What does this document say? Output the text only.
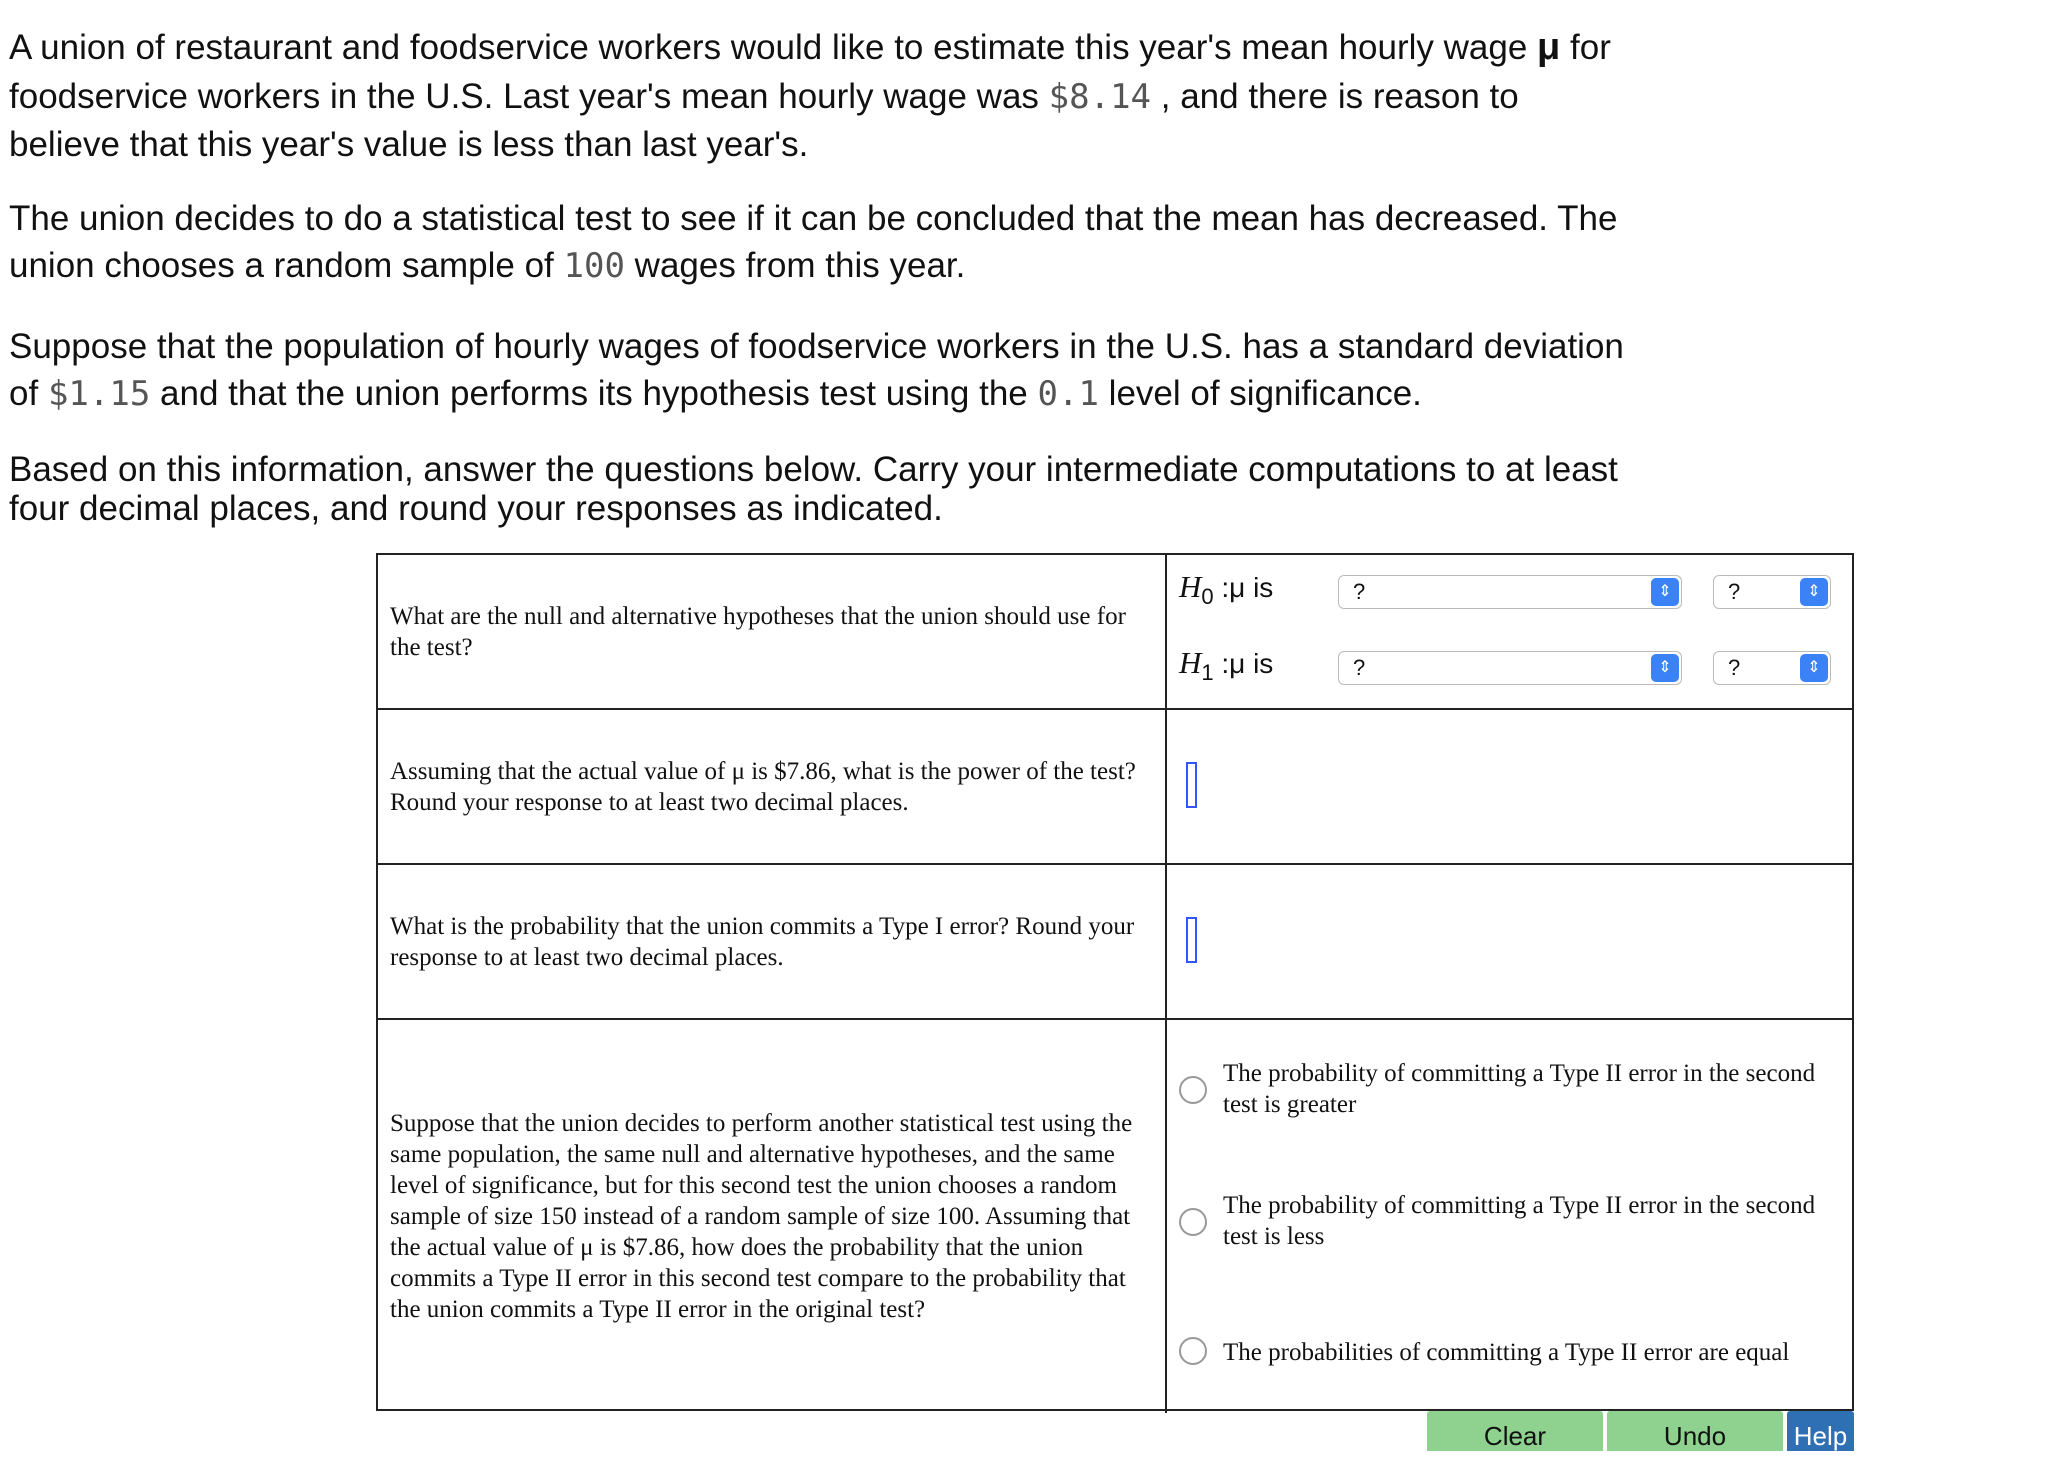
A union of restaurant and foodservice workers would like to estimate this year's mean hourly wage μ for foodservice workers in the U.S. Last year's mean hourly wage was $8.14 , and there is reason to believe that this year's value is less than last year's.
The union decides to do a statistical test to see if it can be concluded that the mean has decreased. The union chooses a random sample of 100 wages from this year.
Suppose that the population of hourly wages of foodservice workers in the U.S. has a standard deviation of $1.15 and that the union performs its hypothesis test using the 0.1 level of significance.
Based on this information, answer the questions below. Carry your intermediate computations to at least four decimal places, and round your responses as indicated.
What are the null and alternative hypotheses that the union should use for the test?
$H_0$ :μ is	?	⇕	?	⇕
$H_1$ :μ is	?	⇕	?	⇕
Assuming that the actual value of μ is $7.86, what is the power of the test? Round your response to at least two decimal places.
What is the probability that the union commits a Type I error? Round your response to at least two decimal places.
Suppose that the union decides to perform another statistical test using the same population, the same null and alternative hypotheses, and the same level of significance, but for this second test the union chooses a random sample of size 150 instead of a random sample of size 100. Assuming that the actual value of μ is $7.86, how does the probability that the union commits a Type II error in this second test compare to the probability that the union commits a Type II error in the original test?
The probability of committing a Type II error in the second test is greater
The probability of committing a Type II error in the second test is less
The probabilities of committing a Type II error are equal
Clear	Undo	Help
